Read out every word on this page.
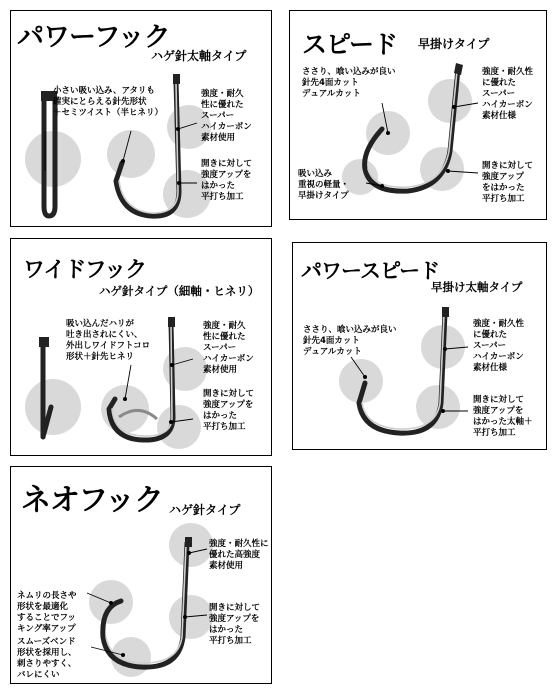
パワーフック
ハゲ針太軸タイプ
小さい吸い込み、アタリも
確実にとらえる針先形状
＋セミツイスト（半ヒネリ）
強度・耐久
性に優れた
スーパー
ハイカーボン
素材使用
開きに対して
強度アップを
はかった
平打ち加工
スピード 早掛けタイプ
ささり、喰い込みが良い
針先4面カット
デュアルカット
吸い込み
重視の軽量・
早掛けタイプ
強度・耐久性
に優れた
スーパー
ハイカーボン
素材仕様
開きに対して
強度アップ
をはかった
平打ち加工
ワイドフック
ハゲ針タイプ（細軸・ヒネリ）
吸い込んだハリが
吐き出されにくい、
外出しワイドフトコロ
形状＋針先ヒネリ
強度・耐久
性に優れた
スーパー
ハイカーボン
素材使用
開きに対して
強度アップを
はかった
平打ち加工
パワースピード
早掛け太軸タイプ
ささり、喰い込みが良い
針先4面カット
デュアルカット
強度・耐久性
に優れた
スーパー
ハイカーボン
素材仕様
開きに対して
強度アップを
はかった太軸＋
平打ち加工
ネオフック ハゲ針タイプ
ネムリの長さや
形状を最適化
することでフッ
キング率アップ
スムーズベンド
形状を採用し、
刺さりやすく、
バレにくい
強度・耐久性に
優れた高強度
素材使用
開きに対して
強度アップを
はかった
平打ち加工
